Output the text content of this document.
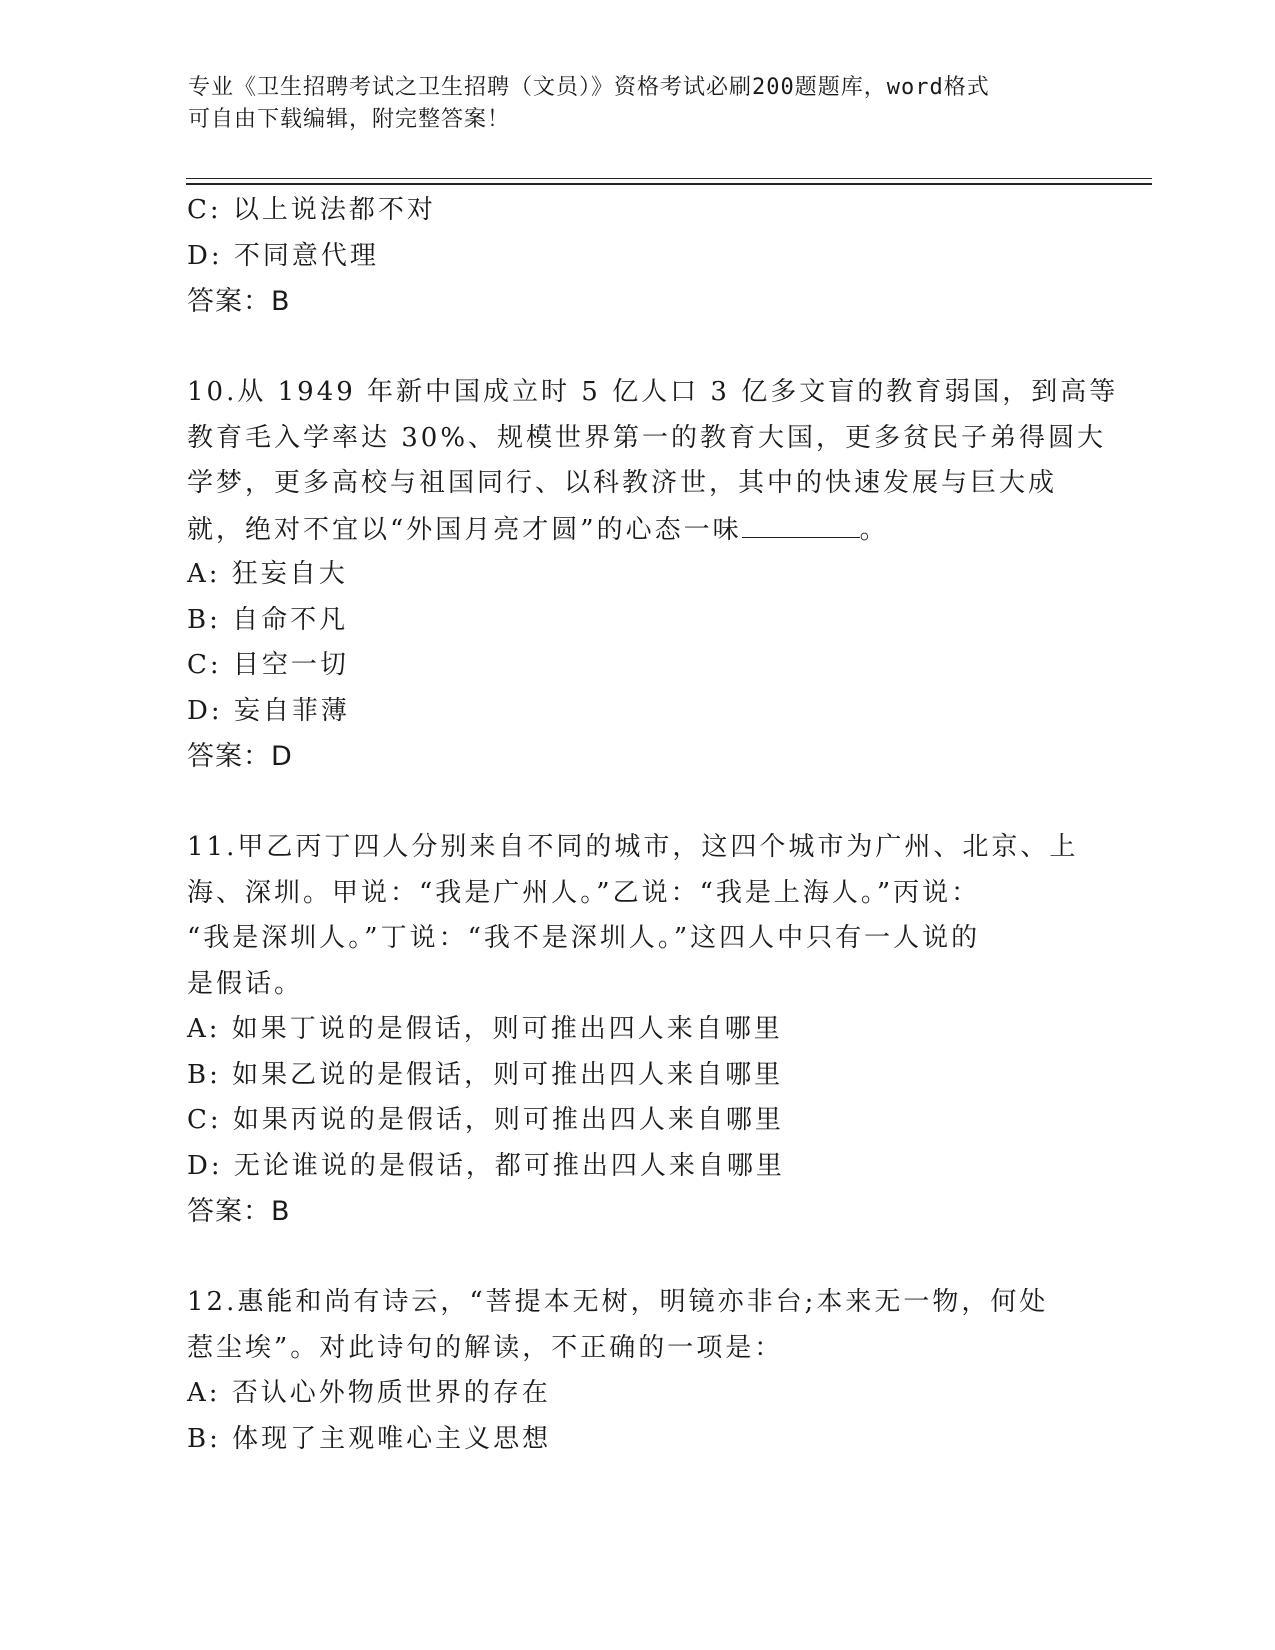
专业《卫生招聘考试之卫生招聘（文员）》资格考试必刷200题题库，word格式
可自由下载编辑，附完整答案！
C: 以上说法都不对
D: 不同意代理
答案：B
10.从 1949 年新中国成立时 5 亿人口 3 亿多文盲的教育弱国，到高等
教育毛入学率达 30%、规模世界第一的教育大国，更多贫民子弟得圆大
学梦，更多高校与祖国同行、以科教济世，其中的快速发展与巨大成
就，绝对不宜以“外国月亮才圆”的心态一味	。
A: 狂妄自大
B: 自命不凡
C: 目空一切
D: 妄自菲薄
答案：D
11.甲乙丙丁四人分别来自不同的城市，这四个城市为广州、北京、上
海、深圳。甲说：“我是广州人。”乙说：“我是上海人。”丙说：
“我是深圳人。”丁说：“我不是深圳人。”这四人中只有一人说的
是假话。
A: 如果丁说的是假话，则可推出四人来自哪里
B: 如果乙说的是假话，则可推出四人来自哪里
C: 如果丙说的是假话，则可推出四人来自哪里
D: 无论谁说的是假话，都可推出四人来自哪里
答案：B
12.惠能和尚有诗云，“菩提本无树，明镜亦非台;本来无一物，何处
惹尘埃”。对此诗句的解读，不正确的一项是：
A: 否认心外物质世界的存在
B: 体现了主观唯心主义思想
